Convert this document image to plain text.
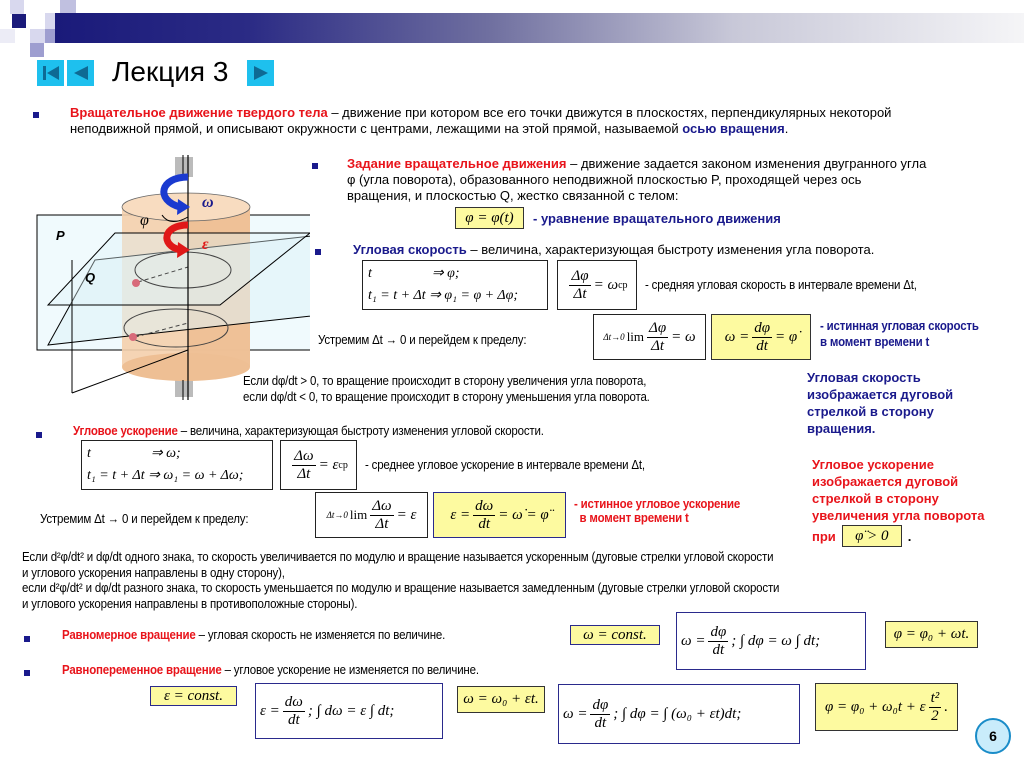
Лекция 3
Вращательное движение твердого тела – движение при котором все его точки движутся в плоскостях, перпендикулярных некоторой
неподвижной прямой, и описывают окружности с центрами, лежащими на этой прямой, называемой осью вращения.
ω
ε
φ
P
Q
Задание вращательное движения – движение задается законом изменения двугранного угла
φ (угла поворота), образованного неподвижной плоскостью P, проходящей через ось
вращения, и плоскостью Q, жестко связанной с телом:
φ = φ(t)	- уравнение вращательного движения
Угловая скорость – величина, характеризующая быстроту изменения угла поворота.
t	⇒ φ;
t₁ = t + Δt ⇒ φ₁ = φ + Δφ;	$\frac{\Delta\varphi}{\Delta t} = \omega$ ср - средняя угловая скорость в интервале времени Δt,
Устремим Δt → 0 и перейдем к пределу:	Δt→0 $\lim \frac{\Delta\varphi}{\Delta t} = \omega$ $\omega = \frac{d\varphi}{dt}$ = φ̇
- истинная угловая скорость
в момент времени t
Если dφ/dt > 0, то вращение происходит в сторону увеличения угла поворота,
если dφ/dt < 0, то вращение происходит в сторону уменьшения угла поворота.
Угловая скорость
изображается дуговой
стрелкой в сторону
вращения.
Угловое ускорение – величина, характеризующая быстроту изменения угловой скорости.
t	⇒ ω;
t₁ = t + Δt ⇒ ω₁ = ω + Δω;	$\frac{\Delta\omega}{\Delta t} = \varepsilon$ ср - среднее угловое ускорение в интервале времени Δt,
Устремим Δt → 0 и перейдем к пределу:	Δt→0 $\lim \frac{\Delta\omega}{\Delta t} = \varepsilon$ $\varepsilon = \frac{d\omega}{dt}$ = ω̇ = φ̈
- истинное угловое ускорение
в момент времени t
Угловое ускорение
изображается дуговой
стрелкой в сторону
увеличения угла поворота
при	φ̈ > 0	.
Если d²φ/dt² и dφ/dt одного знака, то скорость увеличивается по модулю и вращение называется ускоренным (дуговые стрелки угловой скорости
и углового ускорения направлены в одну сторону),
если d²φ/dt² и dφ/dt разного знака, то скорость уменьшается по модулю и вращение называется замедленным (дуговые стрелки угловой скорости
и углового ускорения направлены в противоположные стороны).
Равномерное вращение – угловая скорость не изменяется по величине.	ω = const.	$\omega = \frac{d\varphi}{dt}$ ; ∫ dφ = ω ∫ dt;	φ = φ₀ + ωt.
Равнопеременное вращение – угловое ускорение не изменяется по величине.
ε = const.
$\varepsilon = \frac{d\omega}{dt}$ ; ∫ dω = ε ∫ dt;
ω = ω₀ + εt.
$\omega = \frac{d\varphi}{dt}$ ; ∫ dφ = ∫ (ω₀ + εt)dt;	φ = φ₀ + ω₀t + ε $\frac{\text{t²}}{2}$ .
6
